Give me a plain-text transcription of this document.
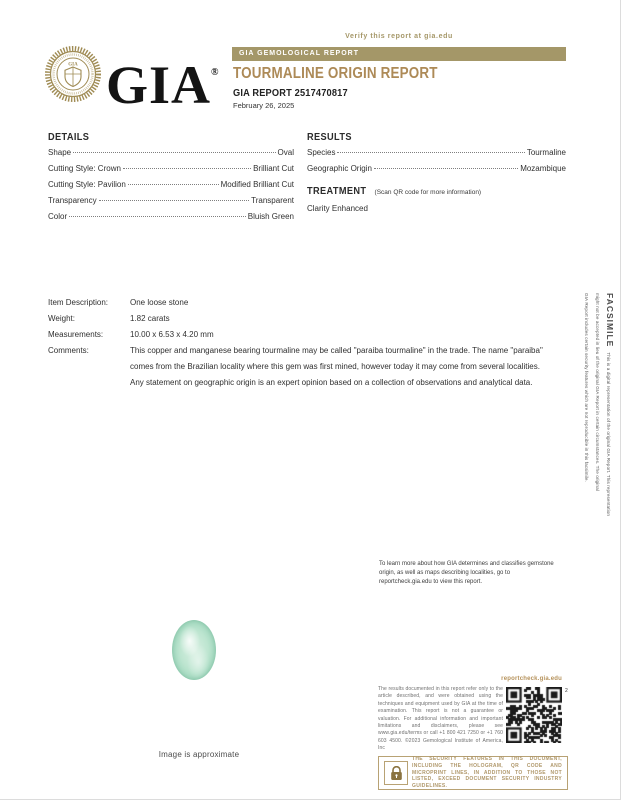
Verify this report at gia.edu
GIA GIA®
GIA GEMOLOGICAL REPORT
TOURMALINE ORIGIN REPORT
GIA REPORT 2517470817
February 26, 2025
DETAILS
Shape	Oval
Cutting Style: Crown	Brilliant Cut
Cutting Style: Pavilion	Modified Brilliant Cut
Transparency	Transparent
Color	Bluish Green
RESULTS
Species	Tourmaline
Geographic Origin	Mozambique
TREATMENT (Scan QR code for more information)
Clarity Enhanced
Item Description:	One loose stone
Weight:	1.82 carats
Measurements:	10.00 x 6.53 x 4.20 mm
Comments:	This copper and manganese bearing tourmaline may be called "paraiba tourmaline" in the trade. The name "paraiba" comes from the Brazilian locality where this gem was first mined, however today it may come from several localities.

Any statement on geographic origin is an expert opinion based on a collection of observations and analytical data.

FACSIMILE
This is a digital representation of the original GIA Report. This representation
might not be accepted in lieu of the original GIA Report in certain circumstances. The original
GIA Report includes certain security features which are not reproducible in this facsimile.
To learn more about how GIA determines and classifies gemstone origin, as well as maps describing localities, go to reportcheck.gia.edu to view this report.
Image is approximate
reportcheck.gia.edu
The results documented in this report refer only to the article described, and were obtained using the techniques and equipment used by GIA at the time of examination. This report is not a guarantee or valuation. For additional information and important limitations and disclaimers, please see www.gia.edu/terms or call +1 800 421 7250 or +1 760 603 4500. ©2023 Gemological Institute of America, Inc
2
THE SECURITY FEATURES IN THIS DOCUMENT, INCLUDING THE HOLOGRAM, QR CODE AND MICROPRINT LINES, IN ADDITION TO THOSE NOT LISTED, EXCEED DOCUMENT SECURITY INDUSTRY GUIDELINES.
